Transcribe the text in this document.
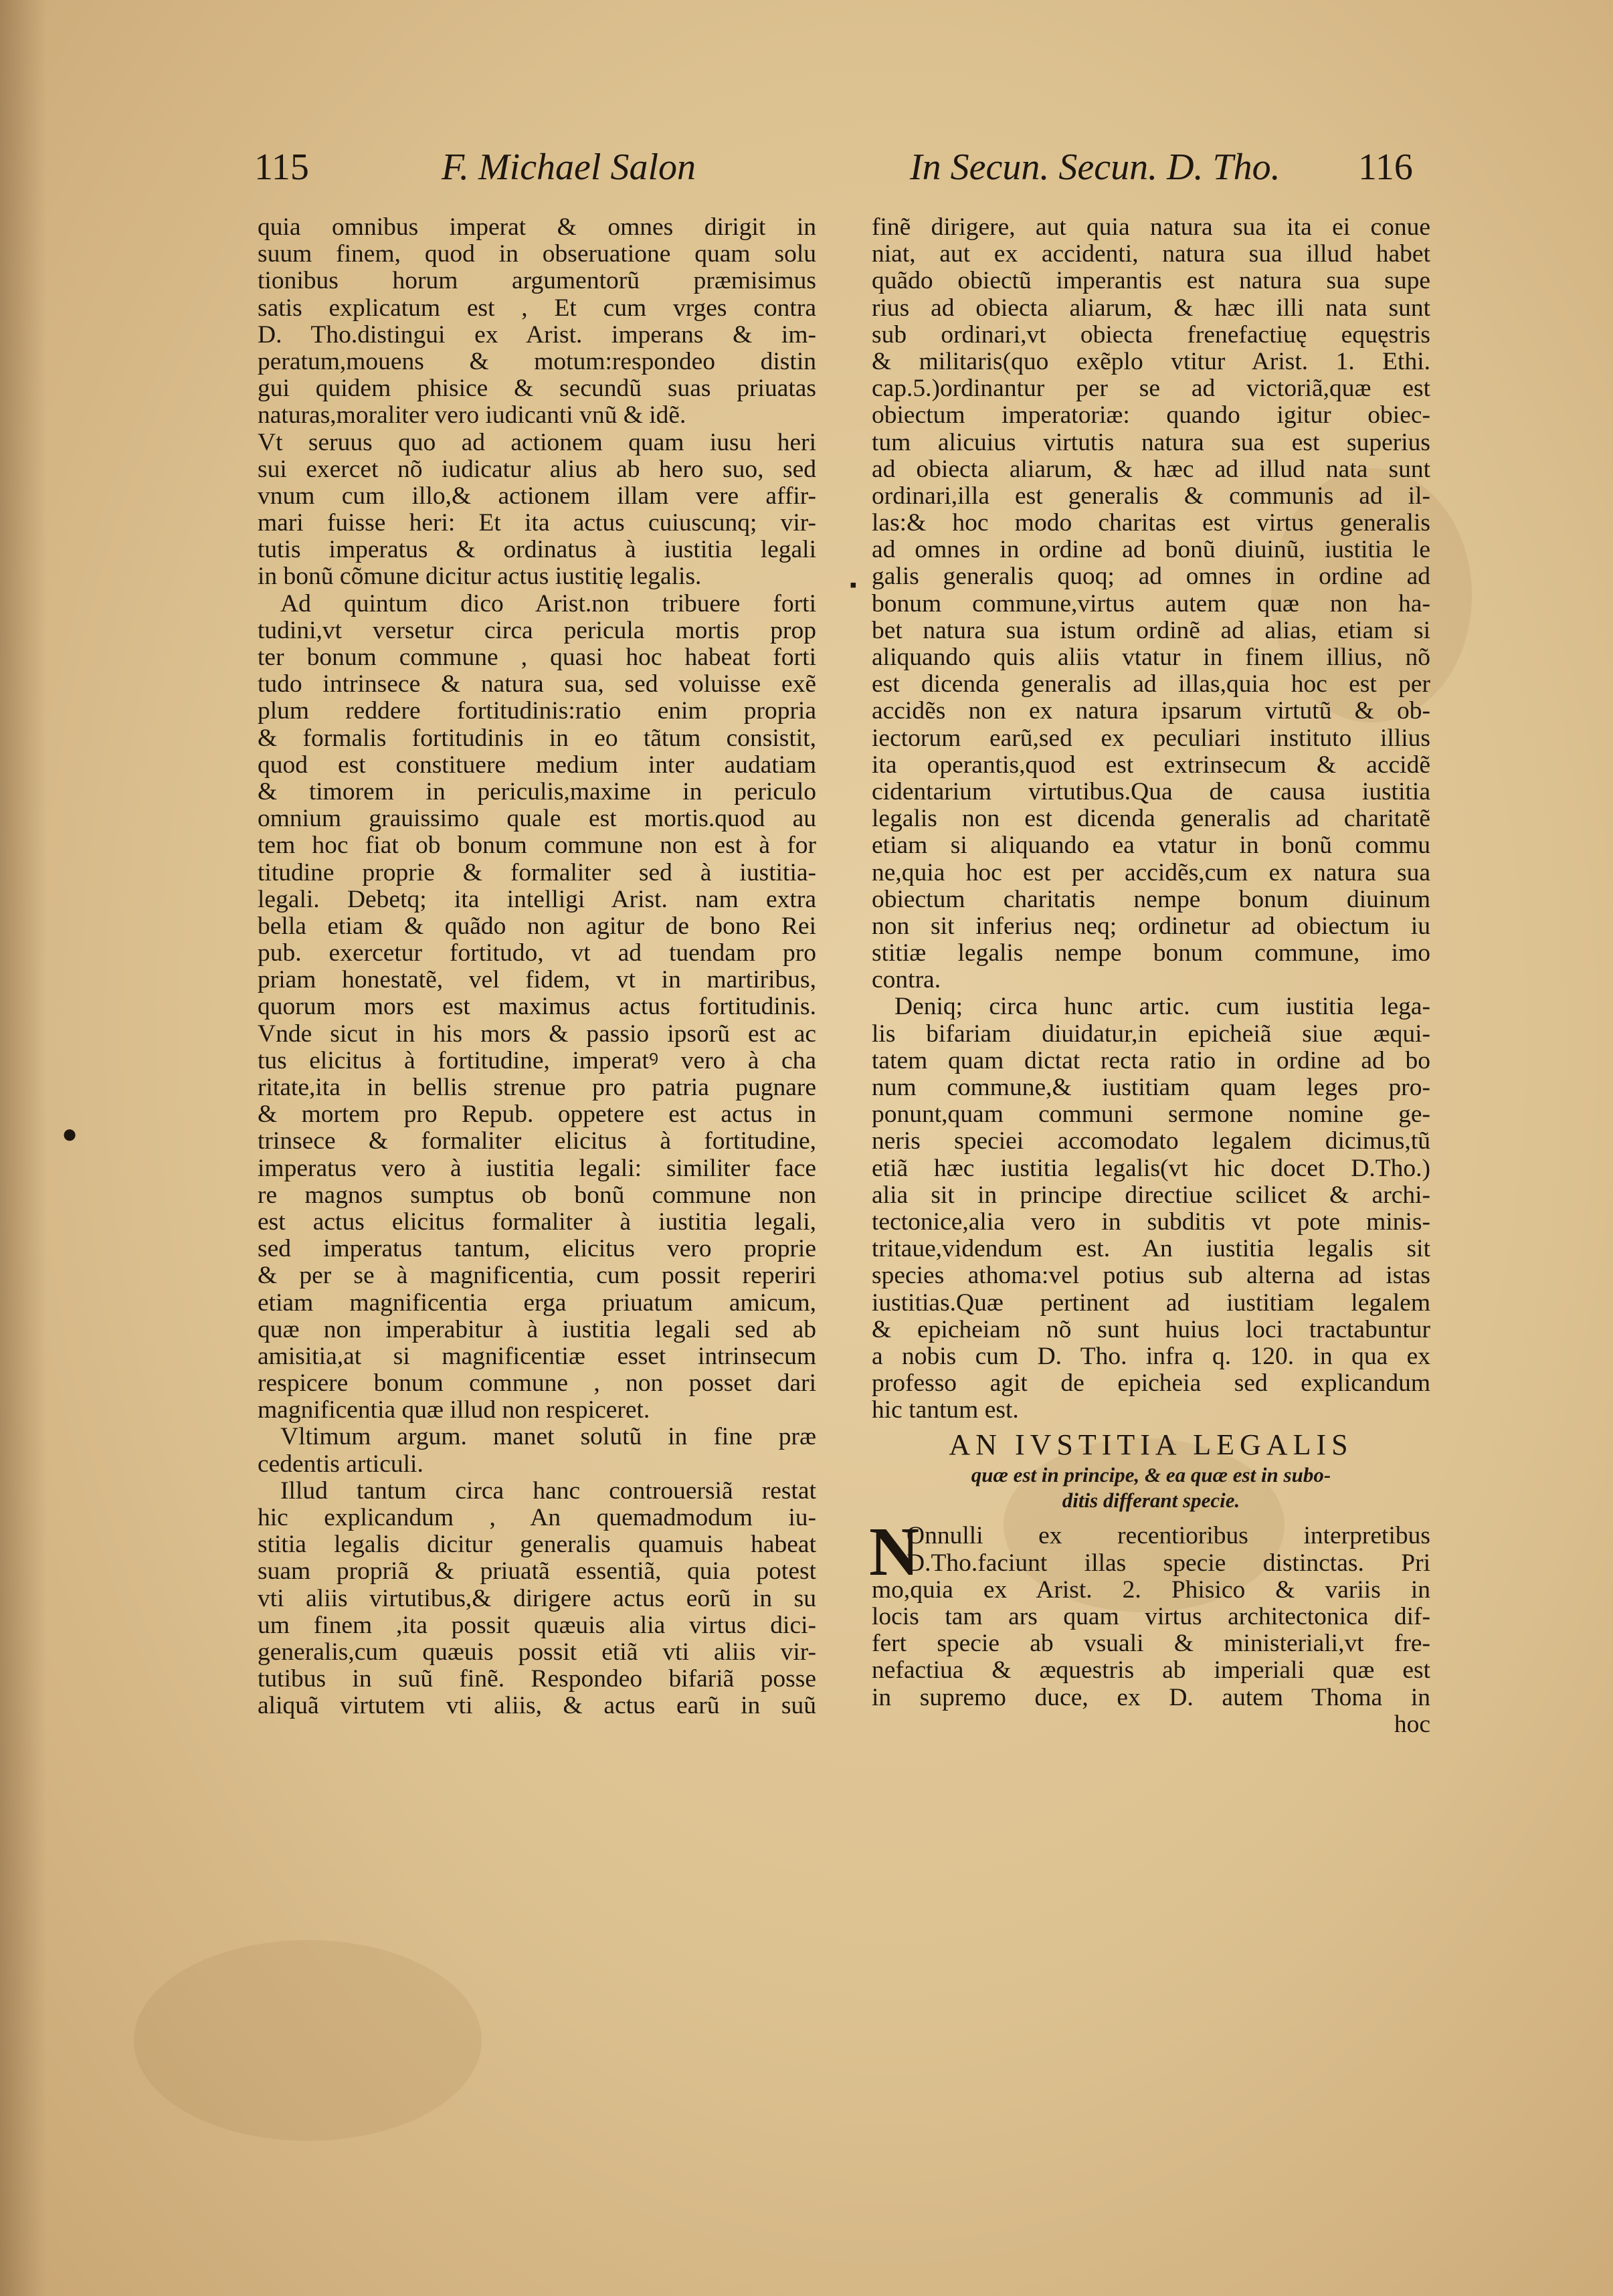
115	F. Michael Salon	In Secun. Secun. D. Tho. 116
●
▪
quia omnibus imperat & omnes dirigit in
suum finem, quod in obseruatione quam solu
tionibus horum argumentorũ præmisimus
satis explicatum est , Et cum vrges contra
D. Tho.distingui ex Arist. imperans & im-
peratum,mouens & motum:respondeo distin
gui quidem phisice & secundũ suas priuatas
naturas,moraliter vero iudicanti vnũ & idẽ.
Vt seruus quo ad actionem quam iusu heri
sui exercet nõ iudicatur alius ab hero suo, sed
vnum cum illo,& actionem illam vere affir-
mari fuisse heri: Et ita actus cuiuscunq; vir-
tutis imperatus & ordinatus à iustitia legali
in bonũ cõmune dicitur actus iustitię legalis.
Ad quintum dico Arist.non tribuere forti
tudini,vt versetur circa pericula mortis prop
ter bonum commune , quasi hoc habeat forti
tudo intrinsece & natura sua, sed voluisse exẽ
plum reddere fortitudinis:ratio enim propria
& formalis fortitudinis in eo tãtum consistit,
quod est constituere medium inter audatiam
& timorem in periculis,maxime in periculo
omnium grauissimo quale est mortis.quod au
tem hoc fiat ob bonum commune non est à for
titudine proprie & formaliter sed à iustitia-
legali. Debetq; ita intelligi Arist. nam extra
bella etiam & quãdo non agitur de bono Rei
pub. exercetur fortitudo, vt ad tuendam pro
priam honestatẽ, vel fidem, vt in martiribus,
quorum mors est maximus actus fortitudinis.
Vnde sicut in his mors & passio ipsorũ est ac
tus elicitus à fortitudine, imperatꝰ vero à cha
ritate,ita in bellis strenue pro patria pugnare
& mortem pro Repub. oppetere est actus in
trinsece & formaliter elicitus à fortitudine,
imperatus vero à iustitia legali: similiter face
re magnos sumptus ob bonũ commune non
est actus elicitus formaliter à iustitia legali,
sed imperatus tantum, elicitus vero proprie
& per se à magnificentia, cum possit reperiri
etiam magnificentia erga priuatum amicum,
quæ non imperabitur à iustitia legali sed ab
amisitia,at si magnificentiæ esset intrinsecum
respicere bonum commune , non posset dari
magnificentia quæ illud non respiceret.
Vltimum argum. manet solutũ in fine præ
cedentis articuli.
Illud tantum circa hanc controuersiã restat
hic explicandum , An quemadmodum iu-
stitia legalis dicitur generalis quamuis habeat
suam propriã & priuatã essentiã, quia potest
vti aliis virtutibus,& dirigere actus eorũ in su
um finem ,ita possit quæuis alia virtus dici-
generalis,cum quæuis possit etiã vti aliis vir-
tutibus in suũ finẽ. Respondeo bifariã posse
aliquã virtutem vti aliis, & actus earũ in suũ
finẽ dirigere, aut quia natura sua ita ei conue
niat, aut ex accidenti, natura sua illud habet
quãdo obiectũ imperantis est natura sua supe
rius ad obiecta aliarum, & hæc illi nata sunt
sub ordinari,vt obiecta frenefactiuę equęstris
& militaris(quo exẽplo vtitur Arist. 1. Ethi.
cap.5.)ordinantur per se ad victoriã,quæ est
obiectum imperatoriæ: quando igitur obiec-
tum alicuius virtutis natura sua est superius
ad obiecta aliarum, & hæc ad illud nata sunt
ordinari,illa est generalis & communis ad il-
las:& hoc modo charitas est virtus generalis
ad omnes in ordine ad bonũ diuinũ, iustitia le
galis generalis quoq; ad omnes in ordine ad
bonum commune,virtus autem quæ non ha-
bet natura sua istum ordinẽ ad alias, etiam si
aliquando quis aliis vtatur in finem illius, nõ
est dicenda generalis ad illas,quia hoc est per
accidẽs non ex natura ipsarum virtutũ & ob-
iectorum earũ,sed ex peculiari instituto illius
ita operantis,quod est extrinsecum & accidẽ
cidentarium virtutibus.Qua de causa iustitia
legalis non est dicenda generalis ad charitatẽ
etiam si aliquando ea vtatur in bonũ commu
ne,quia hoc est per accidẽs,cum ex natura sua
obiectum charitatis nempe bonum diuinum
non sit inferius neq; ordinetur ad obiectum iu
stitiæ legalis nempe bonum commune, imo
contra.
Deniq; circa hunc artic. cum iustitia lega-
lis bifariam diuidatur,in epicheiã siue æqui-
tatem quam dictat recta ratio in ordine ad bo
num commune,& iustitiam quam leges pro-
ponunt,quam communi sermone nomine ge-
neris speciei accomodato legalem dicimus,tũ
etiã hæc iustitia legalis(vt hic docet D.Tho.)
alia sit in principe directiue scilicet & archi-
tectonice,alia vero in subditis vt pote minis-
tritaue,videndum est. An iustitia legalis sit
species athoma:vel potius sub alterna ad istas
iustitias.Quæ pertinent ad iustitiam legalem
& epicheiam nõ sunt huius loci tractabuntur
a nobis cum D. Tho. infra q. 120. in qua ex
professo agit de epicheia sed explicandum
hic tantum est.
AN IVSTITIA LEGALIS
quæ est in principe, & ea quæ est in subo-
ditis differant specie.
N
Onnulli ex recentioribus interpretibus
D.Tho.faciunt illas specie distinctas. Pri
mo,quia ex Arist. 2. Phisico & variis in
locis tam ars quam virtus architectonica dif-
fert specie ab vsuali & ministeriali,vt fre-
nefactiua & æquestris ab imperiali quæ est
in supremo duce, ex D. autem Thoma in
hoc
